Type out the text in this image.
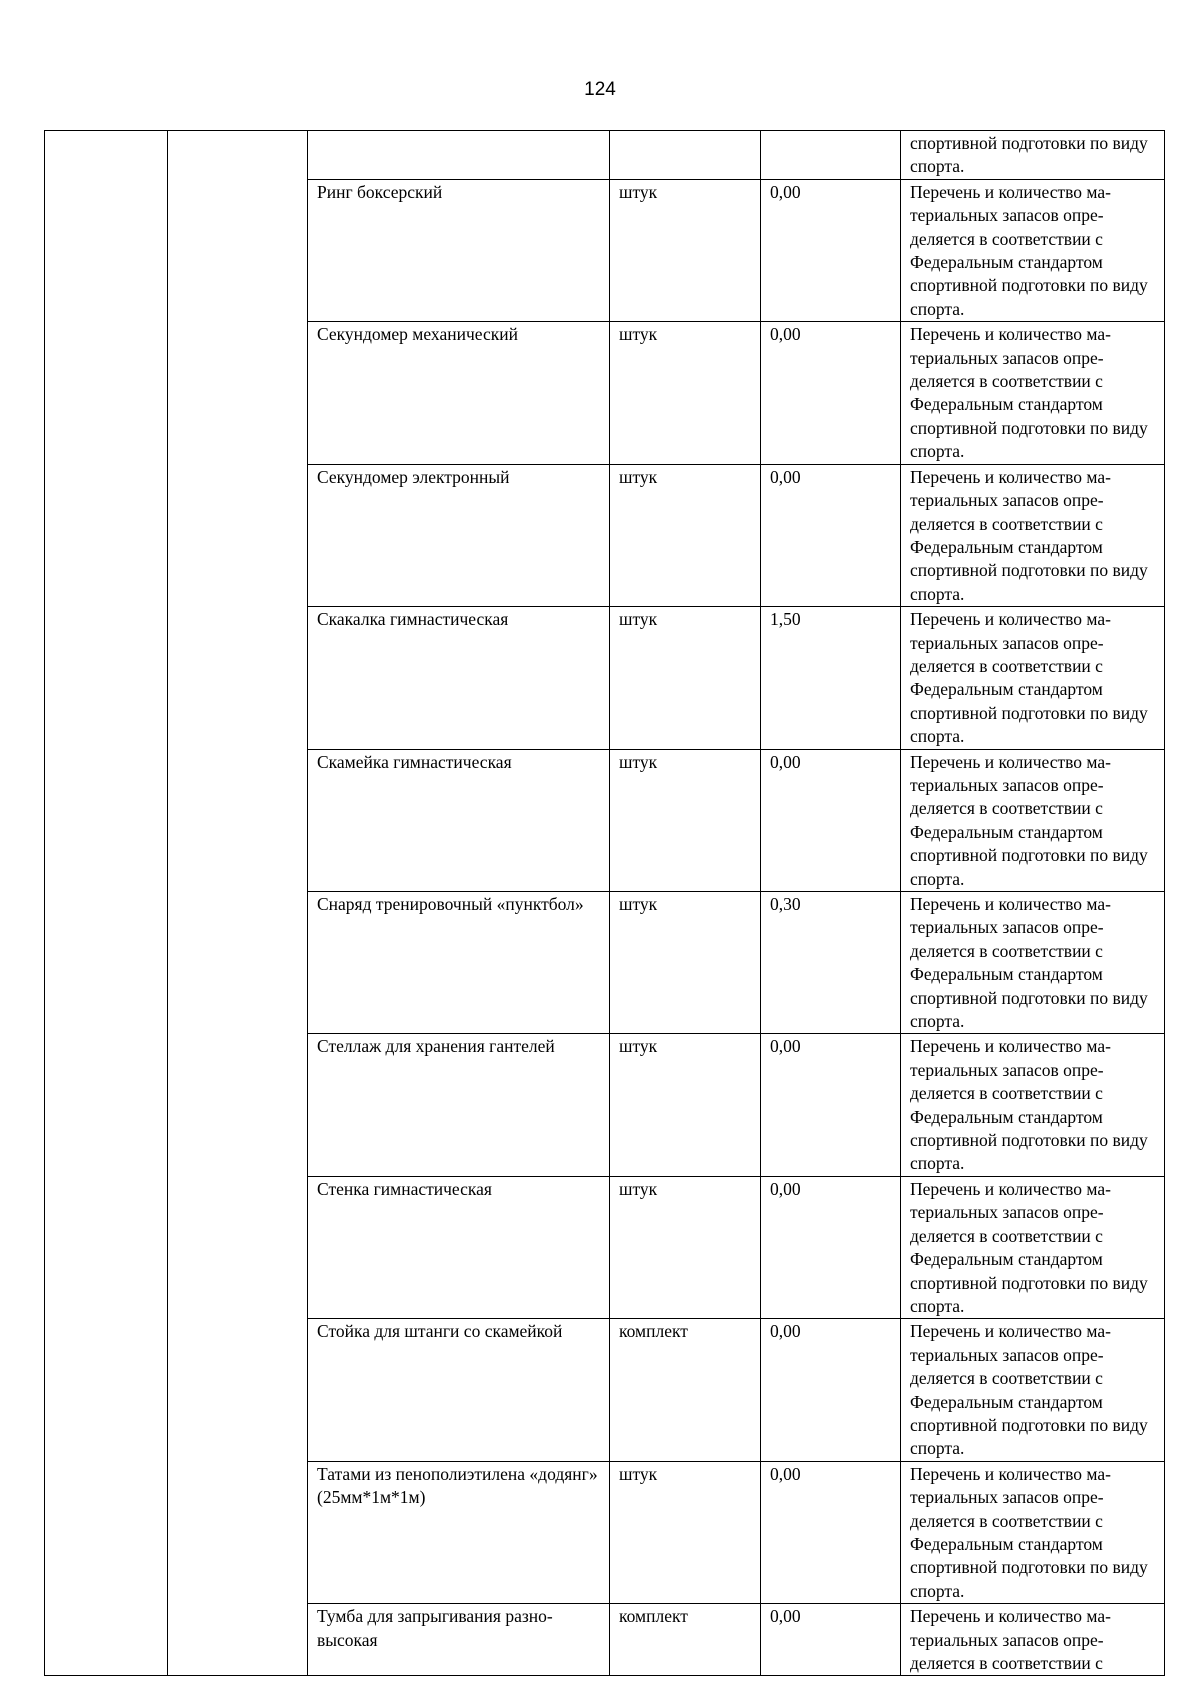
124
					спортивной подготовки по виду спорта.
		Ринг боксерский	штук	0,00	Перечень и количество материальных запасов определяется в соответствии с Федеральным стандартом спортивной подготовки по виду спорта.
		Секундомер механический	штук	0,00	Перечень и количество материальных запасов определяется в соответствии с Федеральным стандартом спортивной подготовки по виду спорта.
		Секундомер электронный	штук	0,00	Перечень и количество материальных запасов определяется в соответствии с Федеральным стандартом спортивной подготовки по виду спорта.
		Скакалка гимнастическая	штук	1,50	Перечень и количество материальных запасов определяется в соответствии с Федеральным стандартом спортивной подготовки по виду спорта.
		Скамейка гимнастическая	штук	0,00	Перечень и количество материальных запасов определяется в соответствии с Федеральным стандартом спортивной подготовки по виду спорта.
		Снаряд тренировочный «пунктбол»	штук	0,30	Перечень и количество материальных запасов определяется в соответствии с Федеральным стандартом спортивной подготовки по виду спорта.
		Стеллаж для хранения гантелей	штук	0,00	Перечень и количество материальных запасов определяется в соответствии с Федеральным стандартом спортивной подготовки по виду спорта.
		Стенка гимнастическая	штук	0,00	Перечень и количество материальных запасов определяется в соответствии с Федеральным стандартом спортивной подготовки по виду спорта.
		Стойка для штанги со скамейкой	комплект	0,00	Перечень и количество материальных запасов определяется в соответствии с Федеральным стандартом спортивной подготовки по виду спорта.
		Татами из пенополиэтилена «додянг» (25мм*1м*1м)	штук	0,00	Перечень и количество материальных запасов определяется в соответствии с Федеральным стандартом спортивной подготовки по виду спорта.
		Тумба для запрыгивания разновысокая	комплект	0,00	Перечень и количество материальных запасов определяется в соответствии с
